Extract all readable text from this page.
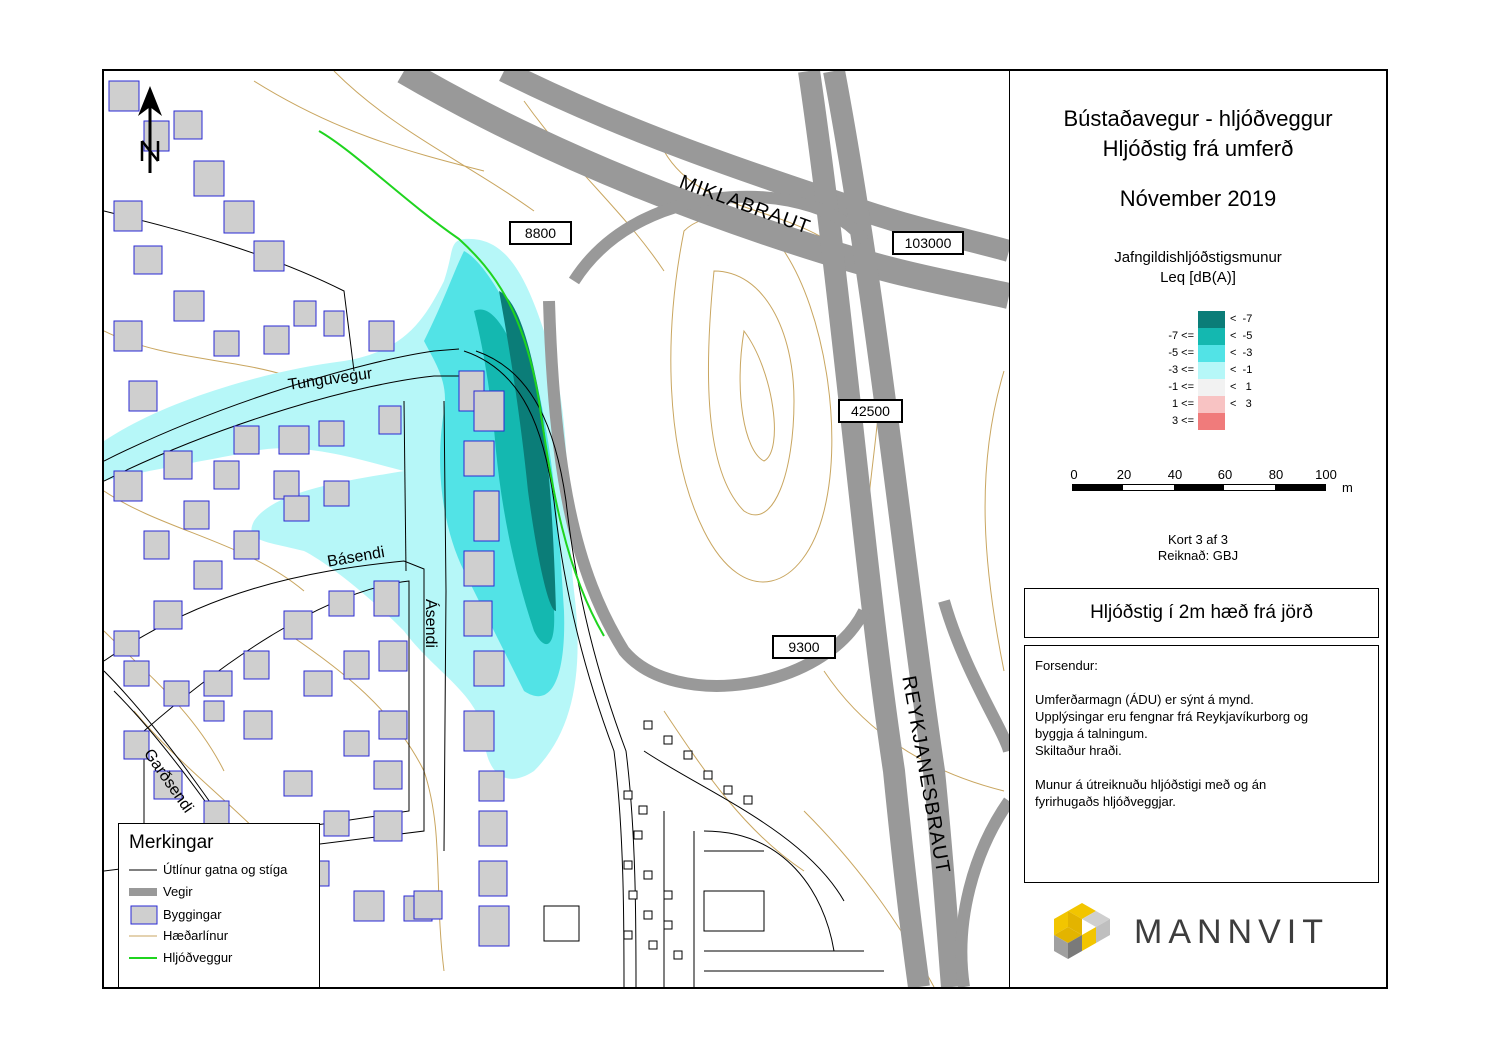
MIKLABRAUT
REYKJANESBRAUT
Tunguvegur
Básendi
Ásendi
Garðsendi
8800
103000
42500
9300
Merkingar
Útlínur gatna og stíga
Vegir
Byggingar
Hæðarlínur
Hljóðveggur
Bústaðavegur - hljóðveggur
Hljóðstig frá umferð
Nóvember 2019
Jafngildishljóðstigsmunur
Leq [dB(A)]
<  -7
-7 <=	<  -5
-5 <=	<  -3
-3 <=	<  -1
-1 <=	<   1
1 <=	<   3
3 <=
0	20	40	60	80 100
m
Kort 3 af 3
Reiknað: GBJ
Hljóðstig í 2m hæð frá jörð
Forsendur:
Umferðarmagn (ÁDU) er sýnt á mynd.
Upplýsingar eru fengnar frá Reykjavíkurborg og
byggja á talningum.
Skiltaður hraði.
Munur á útreiknuðu hljóðstigi með og án
fyrirhugaðs hljóðveggjar.
MANNVIT
